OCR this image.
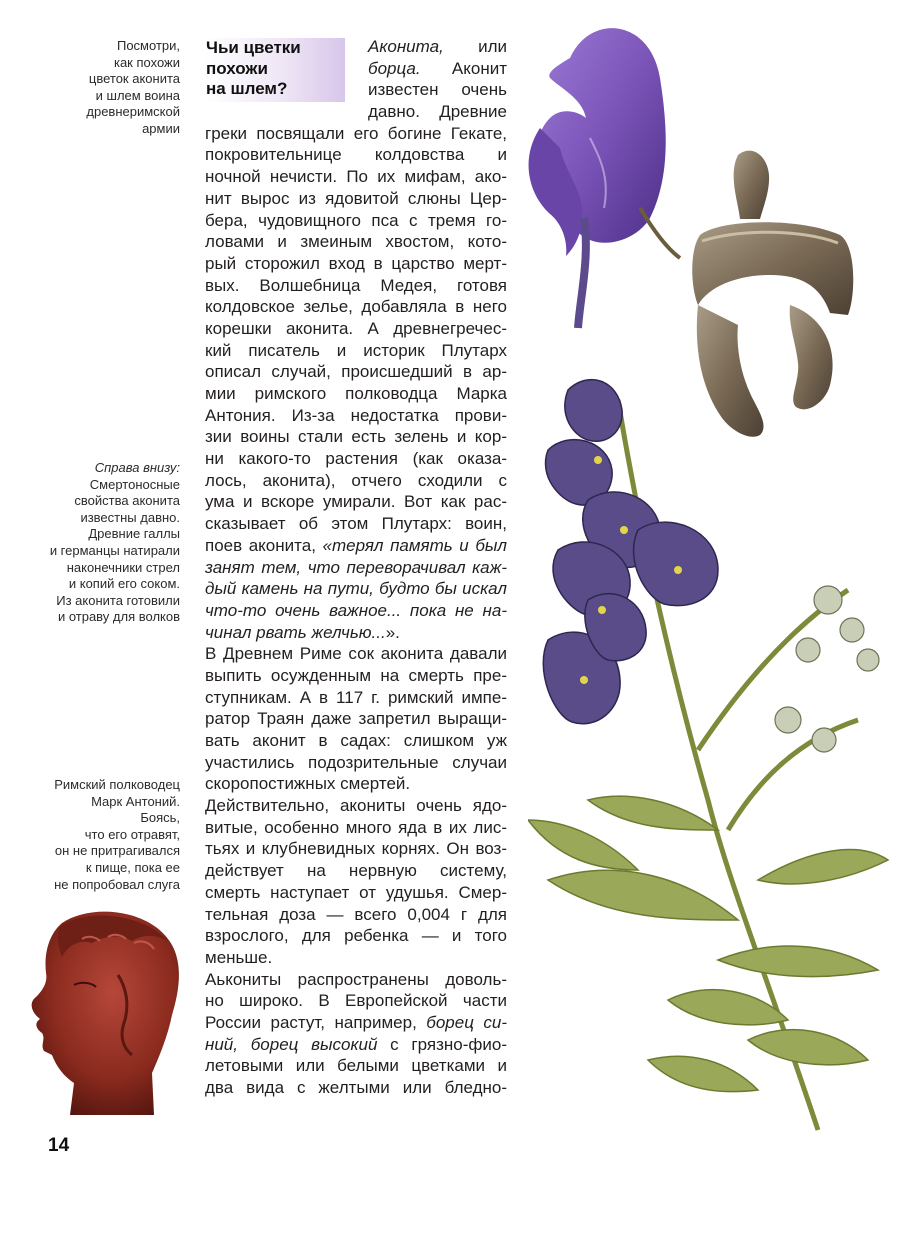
Посмотри,
как похожи
цветок аконита
и шлем воина
древнеримской
армии
Справа внизу:
Смертоносные
свойства аконита
известны давно.
Древние галлы
и германцы натирали
наконечники стрел
и копий его соком.
Из аконита готовили
и отраву для волков
Римский полководец
Марк Антоний.
Боясь,
что его отравят,
он не притрагивался
к пище, пока ее
не попробовал слуга
Чьи цветки
похожи
на шлем?
Аконита, или
борца. Аконит
известен очень
давно. Древние
греки посвящали его богине Гекате,
покровительнице колдовства и
ночной нечисти. По их мифам, ако-
нит вырос из ядовитой слюны Цер-
бера, чудовищного пса с тремя го-
ловами и змеиным хвостом, кото-
рый сторожил вход в царство мерт-
вых. Волшебница Медея, готовя
колдовское зелье, добавляла в него
корешки аконита. А древнегречес-
кий писатель и историк Плутарх
описал случай, происшедший в ар-
мии римского полководца Марка
Антония. Из-за недостатка прови-
зии воины стали есть зелень и кор-
ни какого-то растения (как оказа-
лось, аконита), отчего сходили с
ума и вскоре умирали. Вот как рас-
сказывает об этом Плутарх: воин,
поев аконита, «терял память и был
занят тем, что переворачивал каж-
дый камень на пути, будто бы искал
что-то очень важное... пока не на-
чинал рвать желчью...».
В Древнем Риме сок аконита давали
выпить осужденным на смерть пре-
ступникам. А в 117 г. римский импе-
ратор Траян даже запретил выращи-
вать аконит в садах: слишком уж
участились подозрительные случаи
скоропостижных смертей.
Действительно, акониты очень ядо-
витые, особенно много яда в их лис-
тьях и клубневидных корнях. Он воз-
действует на нервную систему,
смерть наступает от удушья. Смер-
тельная доза — всего 0,004 г для
взрослого, для ребенка — и того
меньше.
Аькониты распространены доволь-
но широко. В Европейской части
России растут, например, борец си-
ний, борец высокий с грязно-фио-
летовыми или белыми цветками и
два вида с желтыми или бледно-
14
